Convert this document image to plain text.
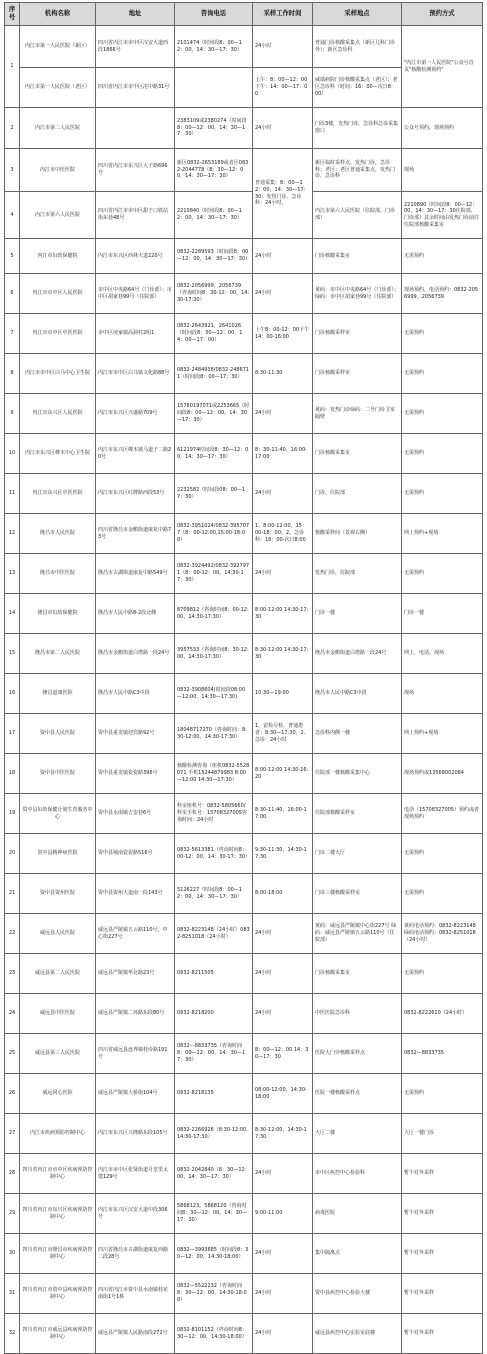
序号	机构名称	地址	咨询电话	采样工作时间	采样地点	预约方式
1	内江市第一人民医院（新区）	四川省内江市市中区汉安大道西段1866号	2101474（时间段8：00—12：00，14：30—17：30）	24小时	普通门诊核酸采集点（新区儿科门诊外）；新区急诊科	"内江市第一人民医院"公众号首页"核酸检测预约"
	内江市第一人民医院（老区）	四川省内江市市中区沱中路31号		上午：8：00—12：00下午：14：00—17：00	威瑞病院门诊核酸采集点（老区）；老区急诊科（时间：16：00—次日8：00）	
2	内江市第二人民医院		2383109或2380274（时间段8：00—12：00，14：30—17：30）	24小时	门诊3楼，发热门诊，急诊科急诊采集窗口	公众号预约，现场预约
3	内江市中医医院	四川省内江市东兴区大千路696号	新区0832-2653189或者区0832-2044778（8：30—12：00，14：30—17：30）	普通采集：8：00—12：00，14：30—17：30；发热门诊，急诊科：24小时。	新区临时采样点，发热门诊，急诊科；老区：老区普通采集点，发热门诊，急诊科	现场
4	内江市第六人民医院	四川省内江市市中区甜子口铁站街东巷48号	2210840（时间段8：00—12：00，14：30—17：30）		内江市第六人民医院（住院部，门诊部）	2210890（时间段8：00—12：00，14：30—17：30住院部，门诊部）其余时间由发热门诊前往住院部核酸采集室
5	内江市妇幼保健院	内江市东兴区西林大道220号	0832-2289593（时间段8：00—12：00，14：30—17：30）	24小时	门诊核酸采集室	无需预约
6	内江市市中区人民医院	市中区中央路64号（门诊部）；市中区胡家巷99号（住院部）	0832-2056999，2056739（咨询时间8：30-12：00，14:30-17:30）	24小时	黄码：市中区中央路64号（门诊部）；绿码：市中区胡家巷99号（住院部）	现场预约，电话预约：0832-2056999，2056739
7	内江市市中区中医医院	市中区凌家镇高洞村2组1	0832-2643921，2641026（时间段8：30—12：00，14：00—17：00）	上午8：00-12：00下午14：00-16:00	门诊核酸采样室	无需预约
8	内江市市中区白马中心卫生院	内江市市中区白马镇文化路88号	0832-2484938/0832-2486711（时间段8：00—17：30）	8:30-11:30	门诊核酸采样室	无需预约
9	内江市东兴区人民医院	内江市东兴区兴盛路709号	15760197071或2253665（时间段8：00—12：00，14：30—17：30）	24小时	黄码：发热门诊绿码：二号门诊卫室隔壁	无需预约
10	内江市东兴区椑木中心卫生院	内江市东兴区椑木镇马道子二路20号	6121974时间段8：30—12：00，14：30—17：30）	8：30-11:40，16:00-17:00	门诊核酸采集室	无需预约
11	内江市东兴区中医医院	内江市东兴区红牌路西段53号	2232582（时间段08：00—17：30）	24小时	门诊，住院部	无需预约
12	隆昌市人民医院	四川省隆昌市金鹅街道康复中路73号	0832-3951024/0832-3957077（8：00-12:00,15:00-18:00）	1、8:00-12:00，15：00-18：00；2、急诊科：18：00-次日8:00	核酸采样间（景观右侧）	网上预约+现场
13	隆昌市中医医院	隆昌市古湖街道康复中路549号	0832-3924492/0832-3927971（8：00-12：00，14:30-17：30）	24小时	发热门诊，住院部	无需预约
14	隆昌市妇幼保健院	隆昌市人民中路8-2段北侧	8709812（咨询时间8：00-12:00，14:30-17:30）	8:00-12:00 14:30-17:30	门诊一楼	门诊一楼
15	隆昌市第二人民医院	隆昌市金鹅街道白塔路一段24号	3957533（咨询时间8：30-12:00，14:30-17:30）	8:30-12:00 14:30-17:30	隆昌市金鹅街道白塔路一段24号	网上，电话，现场
16	隆昌道康医院	隆昌市人民中路C3中段	0832-3908604(时间段08:00—12:00，14:30—17:30)	10:30—19:00	隆昌市人民中路C3中段	现场
17	资中县人民医院	资中县重龙镇迎宾路92号	18048717270（咨询时间：8:30-12:00，14:30-17:30）	1，留检尽检，普通患者：8:30—17:30，2.急诊：24小时	急诊科内侧一楼	网上预约+现场
18	资中县中医医院	资中县重龙镇瓷瓷路396号	核酸检测咨询（座机0832-5528071 手机15244879983 8:00—12:00 14:30—17:30）	8:00-12:00 14:30-16:20	住院部一楼核酸采集中心	现场预约或13568002084
19	资中县妇幼保健计划生育服务中心	资中县水南镇吉安巷6号	科室座机号：0832-5805660/科室手机号：15708327005咨询时间：24小时	8:30-11:40，16:00-17:00	住院部核酸采样室	电话（15708327005）预约或者现场预约
20	资中县精神病医院	资中县城南瓷瓷路516号	0832-5613381（咨询时间8：00-12：00，14：30-17：30）	9:30-11:30，14:30-17:30	门诊二楼大厅	无需预约
21	资中县资州医院	资中县资州大道南一段143号	5126227（时间段8：00—12：00，14：30—17：30）	8:00-18:00	门诊三楼核酸采样室	无需预约
22	威远县人民医院	威远县严陵镇五云路110号，中心街227号	0832-8223148（24小时）0832-8251018（24小时）	24小时	黄码：威远县严陵镇中心街227号 绿码：威远县严陵镇五云路110号（住院部）	黄码电话预约：0832-8223148 绿码电话预约：0832-8251018（24小时）
23	威远县第二人民医院	威远县严陵镇华北路23号	0832-8211505	24小时	门诊核酸采集室	无需预约
24	威远县中医医院	威远县严陵镇二环路东段80号	0832-8218200	24小时	中医医院急诊科	0832-8222610（24小时）
25	威远县第三人民医院	四川省威远县连界镇桂诊路191号	0832—8833735（咨询时间8：00—12：00，14：30—17：30）	8：00—12：00 14：30—17：30	医院大门旁核酸采样点	0832—8833735
26	威远同心医院	威远县严陵镇大桥街104号	0832-8218135	08:00-12:00，14:30-18:00	医院一楼核酸采样点	无需预约
27	内江市疾病预防控制中心	内江市东兴区兴隆路东段105号	0832-2266926（8:30-12:00,14:30-17:30）	8:30-12:00，14:30-17:30	大厅二楼	大厅一楼门诊
28	四川省内江市市中区疾病预防控制中心	内江市市中区张贤街道月堂里太建129号	0832-2042840（8：30—12：00，14：30—17：30）	24小时	市中区疾控中心检验科	暂不对外采样
29	四川省内江市东兴区疾病预防控制中心	内江市东兴区汉安大道中段306号	5868123，5868120（咨询时间8：30—12：00，14：30—17：30）	9:00-11:00	病毒医院	暂不对外采样
30	四川省内江市隆昌市疾病预防控制中心	四川省隆昌市古湖街道康复西路二段28号	0832—3993685（时间段8：30—12：00，14:30-18:00）	24小时	集中隔离点	暂不对外采样
31	四川省内江市资中县疾病预防控制中心	四川省内江市资中县水南镇桂花南街1号1栋	0832—5522232（咨询时间8：30—12：00，14:30-18:00）	24小时	资中县疾控中心检验大楼	暂不对外采样
32	四川省内江市威远县疾病预防控制中心	威远县严陵镇人民路南段272号	0832-8101152（咨询时间8：30—12：00，14:30-18:00）	24小时	威远县疾控中心实验室底楼	暂不对外采样
